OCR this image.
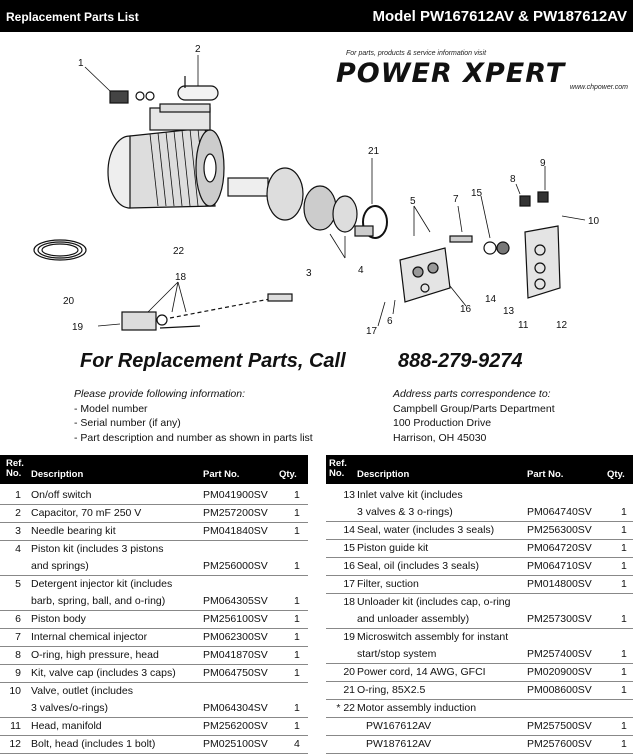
Replacement Parts List	Model PW167612AV & PW187612AV
For parts, products & service information visit
POWER XPERT www.chpower.com
1
2
3	4
5
6
7
8
9
10
11	12
13
14
15
16
17
18
19
20
21
22
For Replacement Parts, Call	888-279-9274
Please provide following information:
- Model number
- Serial number (if any)
- Part description and number as shown in parts list
Address parts correspondence to:
Campbell Group/Parts Department
100 Production Drive
Harrison, OH 45030
Ref.
No. Description	Part No.	Qty.
Ref.
No. Description	Part No.	Qty.
1 On/off switch	PM041900SV 1
2 Capacitor, 70 mF 250 V	PM257200SV 1
3 Needle bearing kit	PM041840SV 1
4 Piston kit (includes 3 pistons
and springs)	PM256000SV 1
5 Detergent injector kit (includes
barb, spring, ball, and o-ring)	PM064305SV 1
6 Piston body	PM256100SV 1
7 Internal chemical injector	PM062300SV 1
8 O-ring, high pressure, head	PM041870SV 1
9 Kit, valve cap (includes 3 caps)	PM064750SV 1
10 Valve, outlet (includes
3 valves/o-rings)	PM064304SV 1
11 Head, manifold	PM256200SV 1
12 Bolt, head (includes 1 bolt)	PM025100SV 4
13 Inlet valve kit (includes
3 valves & 3 o-rings)	PM064740SV	1
14 Seal, water (includes 3 seals)	PM256300SV	1
15 Piston guide kit	PM064720SV	1
16 Seal, oil (includes 3 seals)	PM064710SV	1
17 Filter, suction	PM014800SV	1
18 Unloader kit (includes cap, o-ring
and unloader assembly)	PM257300SV	1
19 Microswitch assembly for instant
start/stop system	PM257400SV	1
20 Power cord, 14 AWG, GFCI	PM020900SV	1
21 O-ring, 85X2.5	PM008600SV	1
* 22 Motor assembly induction
PW167612AV	PM257500SV	1
PW187612AV	PM257600SV	1
